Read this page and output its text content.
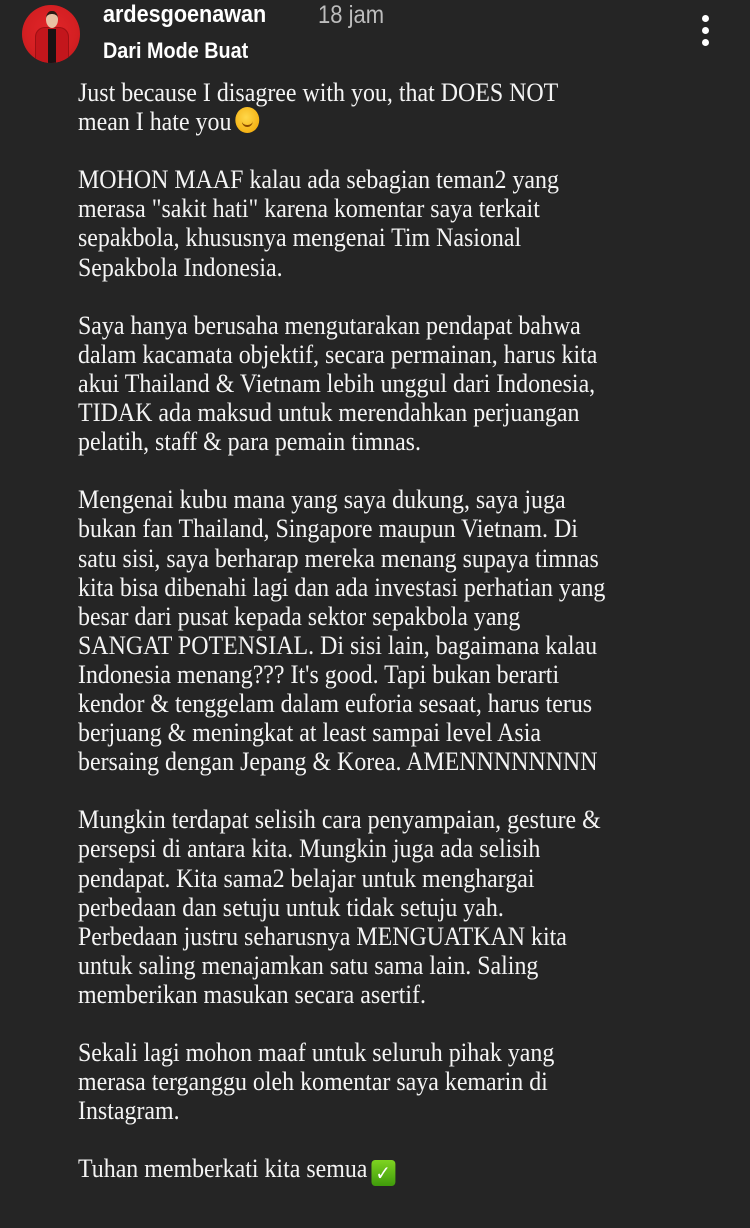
ardesgoenawan 18 jam
Dari Mode Buat
Just because I disagree with you, that DOES NOT
mean I hate you
MOHON MAAF kalau ada sebagian teman2 yang
merasa "sakit hati" karena komentar saya terkait
sepakbola, khususnya mengenai Tim Nasional
Sepakbola Indonesia.
Saya hanya berusaha mengutarakan pendapat bahwa
dalam kacamata objektif, secara permainan, harus kita
akui Thailand & Vietnam lebih unggul dari Indonesia,
TIDAK ada maksud untuk merendahkan perjuangan
pelatih, staff & para pemain timnas.
Mengenai kubu mana yang saya dukung, saya juga
bukan fan Thailand, Singapore maupun Vietnam. Di
satu sisi, saya berharap mereka menang supaya timnas
kita bisa dibenahi lagi dan ada investasi perhatian yang
besar dari pusat kepada sektor sepakbola yang
SANGAT POTENSIAL. Di sisi lain, bagaimana kalau
Indonesia menang??? It's good. Tapi bukan berarti
kendor & tenggelam dalam euforia sesaat, harus terus
berjuang & meningkat at least sampai level Asia
bersaing dengan Jepang & Korea. AMENNNNNNNN
Mungkin terdapat selisih cara penyampaian, gesture &
persepsi di antara kita. Mungkin juga ada selisih
pendapat. Kita sama2 belajar untuk menghargai
perbedaan dan setuju untuk tidak setuju yah.
Perbedaan justru seharusnya MENGUATKAN kita
untuk saling menajamkan satu sama lain. Saling
memberikan masukan secara asertif.
Sekali lagi mohon maaf untuk seluruh pihak yang
merasa terganggu oleh komentar saya kemarin di
Instagram.
Tuhan memberkati kita semua ✓
